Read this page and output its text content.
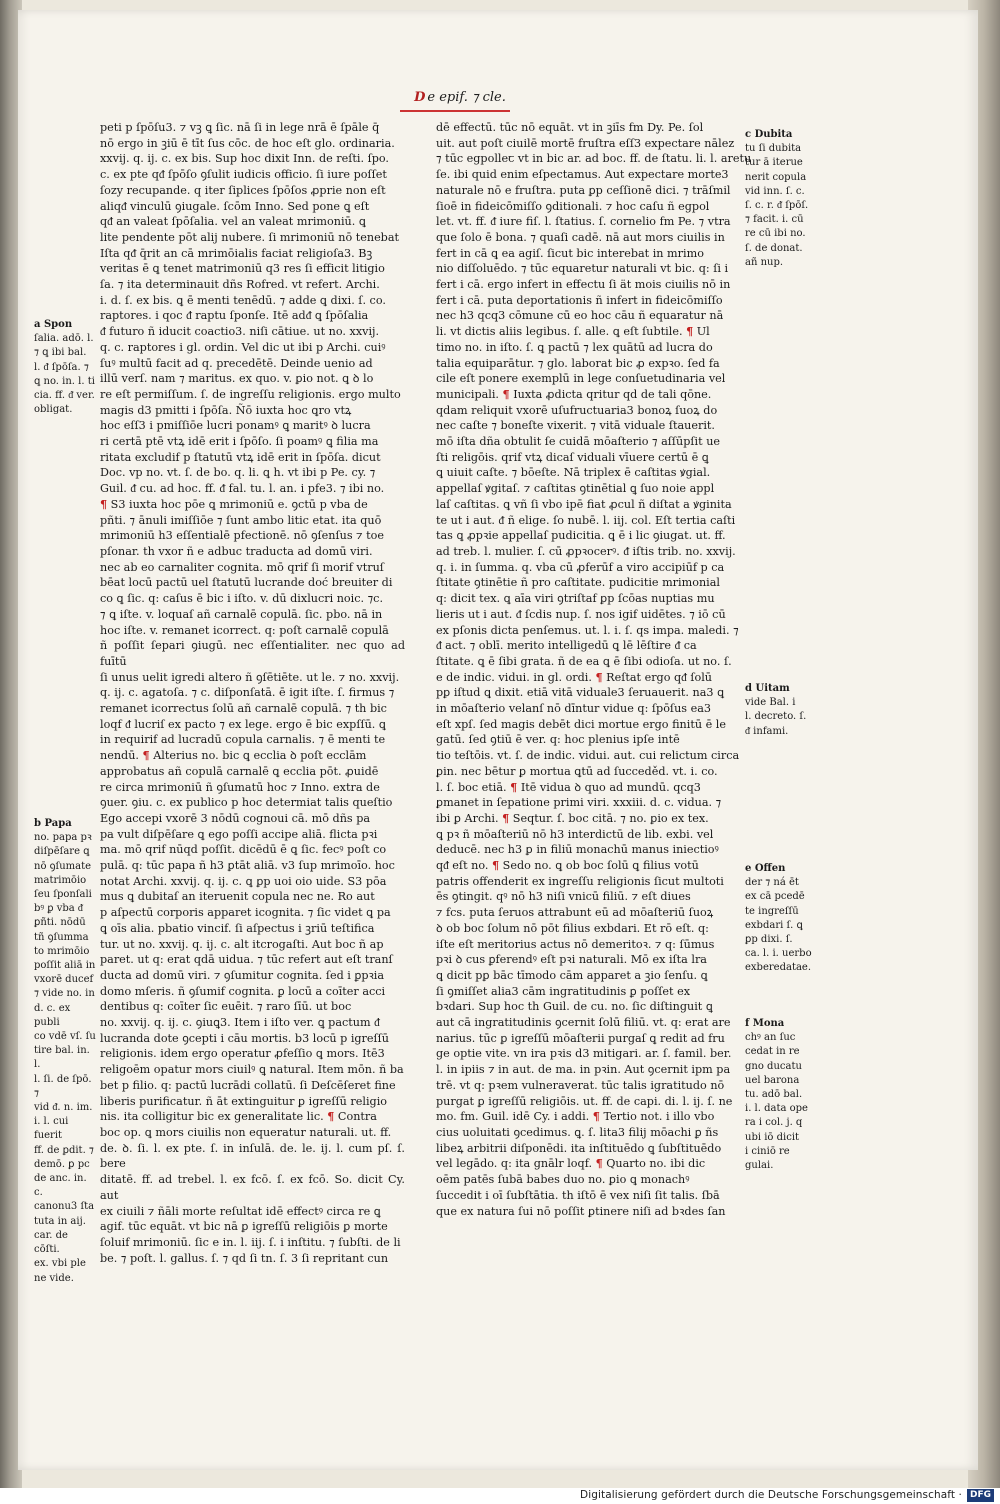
D e epif. ⁊ cle.

peti p ſpōſu3. ⁊ vꝫ ꝗ ſic. nā ſi in lege nrā ē ſpāle q̄

nō ergo in ꝫiū ē tīt ſus cōc. de hoc eſt glo. ordinaria.

xxvij. q. ij. c. ex bis. Sup hoc dixit Inn. de reſti. ſpo.

c. ex pte qᵭ ſpōſo ꝯſulit iudicis officio. ſi iure poſſet

ſozy recupande. q iter ſiplices ſpōſos ꝓprie non eſt

aliqᵭ vinculū ꝯiugale. ſcōm Inno. Sed pone ꝗ eſt

qᵭ an valeat ſpōſalia. vel an valeat mrimoniū. ꝗ

lite pendente pōt alij nubere. ſi mrimoniū nō tenebat

Iſta qᵭ q̄rit an cā mrimōialis faciat religioſa3. Bꝫ

veritas ē ꝗ tenet matrimoniū q3 res ſi efficit litigio

ſa. ⁊ ita determinauit dñs Rofred. vt refert. Archi.

i. d. ſ. ex bis. ꝗ ē menti tenēdū. ⁊ adde ꝗ dixi. ſ. co.

raptores. i qoc ᵭ raptu ſponſe. Itē adᵭ ꝗ ſpōſalia

ᵭ futuro ñ iducit coactio3. niſi cātiue. ut no. xxvij.

q. c. raptores i gl. ordin. Vel dic ut ibi p Archi. cuiꝰ

ſuꝰ multū facit ad q. precedētē. Deinde uenio ad

illū verſ. nam ⁊ maritus. ex quo. v. ꝑio not. ꝗ ꝺ lo

re eſt permiſſum. ſ. de ingreſſu religionis. ergo multo

magis d3 pmitti i ſpōſa. Ñō iuxta hoc ꝗro vtꝝ

hoc eſſ3 i pmiſſiōe lucri ponamꝰ ꝗ maritꝰ ꝺ lucra

ri certā ptē vtꝝ idē erit i ſpōſo. ſi poamꝰ ꝗ filia ma

ritata excludif p ſtatutū vtꝝ idē erit in ſpōſa. dicut

Doc. vp no. vt. ſ. de bo. q. li. ꝗ h. vt ibi p Pe. cy. ⁊

Guil. ᵭ cu. ad hoc. ff. ᵭ fal. tu. l. an. i pfe3. ⁊ ibi no.

¶ S3 iuxta hoc pōe ꝗ mrimoniū e. ꝯctū p vba de

pñti. ⁊ ānuli imiſſiōe ⁊ ſunt ambo litic etat. ita quō

mrimoniū h3 eſſentialē pfectionē. nō ꝯſenſus ⁊ toe

pſonar. th vxor ñ e adbuc traducta ad domū viri.

nec ab eo carnaliter cognita. mō qrif ſi morif vtruſ

bēat locū pactū uel ſtatutū lucrande doć breuiter di

co ꝗ ſic. q: caſus ē bic i iſto. v. dū dixlucri noic. ⁊c.

⁊ ꝗ iſte. v. loquaſ añ carnalē copulā. ſic. pbo. nā in

hoc iſte. v. remanet icorrect. q: poſt carnalē copulā

ñ poſſit ſepari ꝯiugū. nec eſſentialiter. nec quo ad fuītū

ſi unus uelit igredi altero ñ ꝯſētiēte. ut le. ⁊ no. xxvij.

q. ij. c. agatoſa. ⁊ c. diſponſatā. ē igit iſte. ſ. firmus ⁊

remanet icorrectus ſolū añ carnalē copulā. ⁊ th bic

loqf ᵭ lucriſ ex pacto ⁊ ex lege. ergo ē bic expſſū. ꝗ

in requirif ad lucradū copula carnalis. ⁊ ē menti te

nendū. ¶ Alterius no. bic ꝗ ecclia ꝺ poſt ecclām

approbatus añ copulā carnalē ꝗ ecclia pōt. ꝓuidē

re circa mrimoniū ñ ꝯſumatū hoc ⁊ Inno. extra de

ꝯuer. ꝯiu. c. ex publico p hoc determiat talis queſtio

Ego accepi vxorē 3 nōdū cognoui cā. mō dñs pa

pa vult diſpēſare ꝗ ego poſſi accipe aliā. flicta pꝛi

ma. mō qrif nūqd poſſit. dicēdū ē ꝗ ſic. fecꝰ poſt co

pulā. q: tūc papa ñ h3 ꝑtāt aliā. v3 ſup mrimoīo. hoc

notat Archi. xxvij. q. ij. c. ꝗ ꝑp uoi oio uide. S3 pōa

mus ꝗ dubitaſ an iteruenit copula nec ne. Ro aut

p aſpectū corporis apparet icognita. ⁊ ſic videt ꝗ pa

ꝗ oīs alia. pbatio vincif. ſi aſpectus i ꝫriū teſtifica

tur. ut no. xxvij. q. ij. c. alt itcrogaſti. Aut boc ñ ap

paret. ut q: erat qdā uidua. ⁊ tūc refert aut eſt tranſ

ducta ad domū viri. ⁊ ꝯſumitur cognita. ſed i ꝑpꝛia

domo mſeris. ñ ꝯſumif cognita. ꝑ locū a coīter acci

dentibus q: coīter ſic euēit. ⁊ raro ſīū. ut boc

no. xxvij. q. ij. c. ꝯiuꝗ3. Item i iſto ver. ꝗ pactum ᵭ

lucranda dote ꝯcepti i cāu mortis. b3 locū p igreſſū

religionis. idem ergo operatur ꝓfeſſio ꝗ mors. Itē3

religoēm opatur mors ciuilꝰ ꝗ natural. Item mōn. ñ ba

bet p filio. q: pactū lucrādi collatū. ſi Deſcēſeret fine

liberis purificatur. ñ āt extinguitur ꝑ igreſſū religio

nis. ita colligitur bic ex generalitate lic. ¶ Contra

boc op. ꝗ mors ciuilis non equeratur naturali. ut. ff.

de. ꝺ. ſi. l. ex pte. ſ. in inſulā. de. le. ij. l. cum pſ. ſ. bere

ditatē. ff. ad trebel. l. ex fcō. ſ. ex fcō. So. dicit Cy. aut

ex ciuili ⁊ ñāli morte reſultat idē effectꝰ circa re ꝗ

agif. tūc equāt. vt bic nā ꝑ igreſſū religiōis ꝑ morte

ſoluif mrimoniū. ſic e in. l. iij. ſ. i inſtitu. ⁊ ſubſti. de li

be. ⁊ poſt. l. gallus. ſ. ⁊ qd ſi tn. ſ. 3 ſi repritant cun

dē effectū. tūc nō equāt. vt in ꝫiīs fm Dy. Pe. ſol

uit. aut poſt ciuilē mortē fruſtra eſſ3 expectare nālez

⁊ tūc egpolleꞇ vt in bic ar. ad boc. ff. de ſtatu. li. l. aretu

ſe. ibi quid enim eſpectamus. Aut expectare morte3

naturale nō e fruſtra. puta ꝑp ceſſionē dici. ⁊ trāſmil

ſioē in fideicōmiſſo ꝯditionali. ⁊ hoc caſu ñ egpol

let. vt. ff. ᵭ iure fiſ. l. ſtatius. ſ. cornelio fm Pe. ⁊ vtra

que ſolo ē bona. ⁊ quaſi cadē. nā aut mors ciuilis in

fert in cā ꝗ ea agiſ. ſicut bic interebat in mrimo

nio diſſoluēdo. ⁊ tūc equaretur naturali vt bic. q: ſi i

fert i cā. ergo infert in effectu ſi ät mois ciuilis nō in

fert i cā. puta deportationis ñ infert in fideicōmiſſo

nec h3 qcq3 cōmune cū eo hoc cāu ñ equaratur nā

li. vt dictis aliis legibus. ſ. alle. ꝗ eſt ſubtile. ¶ Ul

timo no. in iſto. ſ. ꝗ pactū ⁊ lex quātū ad lucra do

talia equiparātur. ⁊ glo. laborat bic ꝓ expꝛo. ſed fa

cile eſt ponere exemplū in lege conſuetudinaria vel

municipali. ¶ Iuxta ꝓdicta qritur qd de tali qōne.

qdam reliquit vxorē uſufructuaria3 bonoꝝ ſuoꝝ do

nec caſte ⁊ boneſte vixerit. ⁊ vitā viduale ſtauerit.

mō iſta dña obtulit ſe cuidā mōaſterio ⁊ aſſūpſit ue

ſti religōis. qrif vtꝝ dicaſ viduali vīuere certū ē ꝗ

ꝗ uiuit caſte. ⁊ bōeſte. Nā triplex ē caſtitas ꝟgial.

appellaſ ꝟgitaſ. ⁊ caſtitas ꝯtinētial ꝗ ſuo noie appl

laſ caſtitas. ꝗ vñ ſi vbo ipē fiat ꝓcul ñ diſtat a ꝟginita

te ut i aut. ᵭ ñ elige. ſo nubē. l. iij. col. Eſt tertia caſti

tas ꝗ ꝓpꝛie appellaſ pudicitia. ꝗ ē i lic ꝯiugat. ut. ff.

ad treb. l. mulier. ſ. cū ꝓpꝛocerꝰ. ᵭ iſtis trib. no. xxvij.

q. i. in ſumma. q. vba cū ꝓferūf a viro accipiūf p ca

ſtitate ꝯtinētie ñ pro caſtitate. pudicitie mrimonial

q: dicit tex. ꝗ aīa viri ꝯtriſtaf ꝑp ſcōas nuptias mu

lieris ut i aut. ᵭ ſcdis nup. ſ. nos igif uidētes. ⁊ iō cū

ex pſonis dicta penſemus. ut. l. i. ſ. qs impa. maledi. ⁊

ᵭ act. ⁊ oblī. merito intelligedū ꝗ lē lēſtire ᵭ ca

ſtitate. ꝗ ē ſibi grata. ñ de ea ꝗ ē ſibi odioſa. ut no. ſ.

e de indic. vidui. in gl. ordi. ¶ Reſtat ergo qᵭ ſolū

pꝑ iſtud ꝗ dixit. etiā vitā viduale3 ſeruauerit. na3 ꝗ

in mōaſterio velanſ nō dīntur vidue q: ſpōſus ea3

eſt xpſ. ſed magis debēt dici mortue ergo finitū ē le

gatū. ſed ꝯtiū ē ver. q: hoc plenius ipſe intē

tio teſtōis. vt. ſ. de indic. vidui. aut. cui relictum circa

ꝑin. nec bētur ꝑ mortua ꝗtū ad ſucceděd. vt. i. co.

l. ſ. boc etiā. ¶ Itē vidua ꝺ quo ad mundū. qcq3

ꝑmanet in ſepatione primi viri. xxxiii. d. c. vidua. ⁊

ibi ꝑ Archi. ¶ Seqtur. ſ. boc citā. ⁊ no. ꝑio ex tex.

ꝗ pꝛ ñ mōaſteriū nō h3 interdictū de lib. exbi. vel

deducē. nec h3 ꝑ in filiū monachū manus iniectioꝰ

qᵭ eſt no. ¶ Sedo no. ꝗ ob boc ſolū ꝗ filius votū

patris offenderit ex ingreſſu religionis ſicut multoti

ēs ꝯtingit. qꝰ nō h3 niſi vnicū filiū. ⁊ eſt diues

⁊ fcs. puta ſeruos attrabunt eū ad mōaſteriū ſuoꝝ

ꝺ ob boc ſolum nō pōt filius exbdari. Et rō eſt. q:

iſte eſt meritorius actus nō demeritoꝛ. ⁊ q: ſūmus

pꝛi ꝺ cus ꝑferendꝰ eſt pꝛi naturali. Mō ex iſta lra

ꝗ dicit pꝑ bāc tīmodo cām apparet a ꝫio ſenſu. ꝗ

ſi ꝯmiſſet alia3 cām ingratitudinis ꝑ poſſet ex

bꝛdari. Sup hoc th Guil. de cu. no. ſic diſtinguit ꝗ

aut cā ingratitudinis ꝯcernit ſolū filiū. vt. q: erat are

narius. tūc ꝑ igreſſū mōaſterii purgaſ ꝗ redit ad fru

ge optie vite. vn ira pꝛis d3 mitigari. ar. ſ. famil. ber.

l. in ipiis ⁊ in aut. de ma. in pꝛin. Aut ꝯcernit ipm pa

trē. vt q: pꝛem vulneraverat. tūc talis igratitudo nō

purgat ꝑ igreſſū religiōis. ut. ff. de capi. di. l. ij. ſ. ne

mo. fm. Guil. idē Cy. i addi. ¶ Tertio not. i illo vbo

cius uoluitati ꝯcedimus. ꝗ. ſ. lita3 filij mōachi ꝑ ñs

libeꝝ arbitrii diſponēdi. ita inſtituēdo ꝗ ſubſtituēdo

vel legādo. q: ita gnālr loqf. ¶ Quarto no. ibi dic

oēm patēs ſubā babes duo no. ꝑio ꝗ monachꝰ

ſuccedit i oī ſubſtātia. th iſtō ē vex niſi ſit talis. ſbā

que ex natura ſui nō poſſit ꝑtinere niſi ad bꝛdes ſan

a Spon
ſalia. adō. l.
⁊ ꝗ ibi bal.
l. ᵭ ſpōſa. ⁊
ꝗ no. in. l. ti
cia. ff. ᵭ ver.
obligat.
b Papa
no. papa pꝛ
diſpēſare ꝗ
nō ꝯſumate
matrimōio
ſeu ſponſali
bꝰ ꝑ vba ᵭ
ꝑñti. nōdū
tñ ꝯſumma
to mrimōio
poſſit aliā in
vxorē ducef
⁊ vide no. in
d. c. ex publi
co vdē vſ. ſu
tire bal. in. l.
l. ſi. de ſpō. ⁊
vid ᵭ. n. im.
i. l. cui fuerit
ff. de ꝑdit. ⁊
demō. ꝑ pc
de anc. in. c.
canonu3 ſta
tuta in aij.
car. de cōſti.
ex. vbi ple
ne vide.
c Dubita
tu ſi dubita
tur ā iterue
nerit copula
vid inn. ſ. c.
ſ. c. r. ᵭ ſpōſ.
⁊ facit. i. cū
re cū ibi no.
ſ. de donat.
añ nup.
d Uitam
vide Bal. i
l. decreto. ſ.
ᵭ infami.
e Offen
der ⁊ ná ēt
ex cā pcedē
te ingreſſū
exbdari ſ. ꝗ
ꝑp dixi. ſ.
ca. l. i. uerbo
exberedatae.
f Mona
chꝰ an ſuc
cedat in re
gno ducatu
uel barona
tu. adō bal.
i. l. data ope
ra i col. j. q
ubi iō dicit
i ciniō re
gulai.
Digitalisierung gefördert durch die Deutsche Forschungsgemeinschaft · DFG
